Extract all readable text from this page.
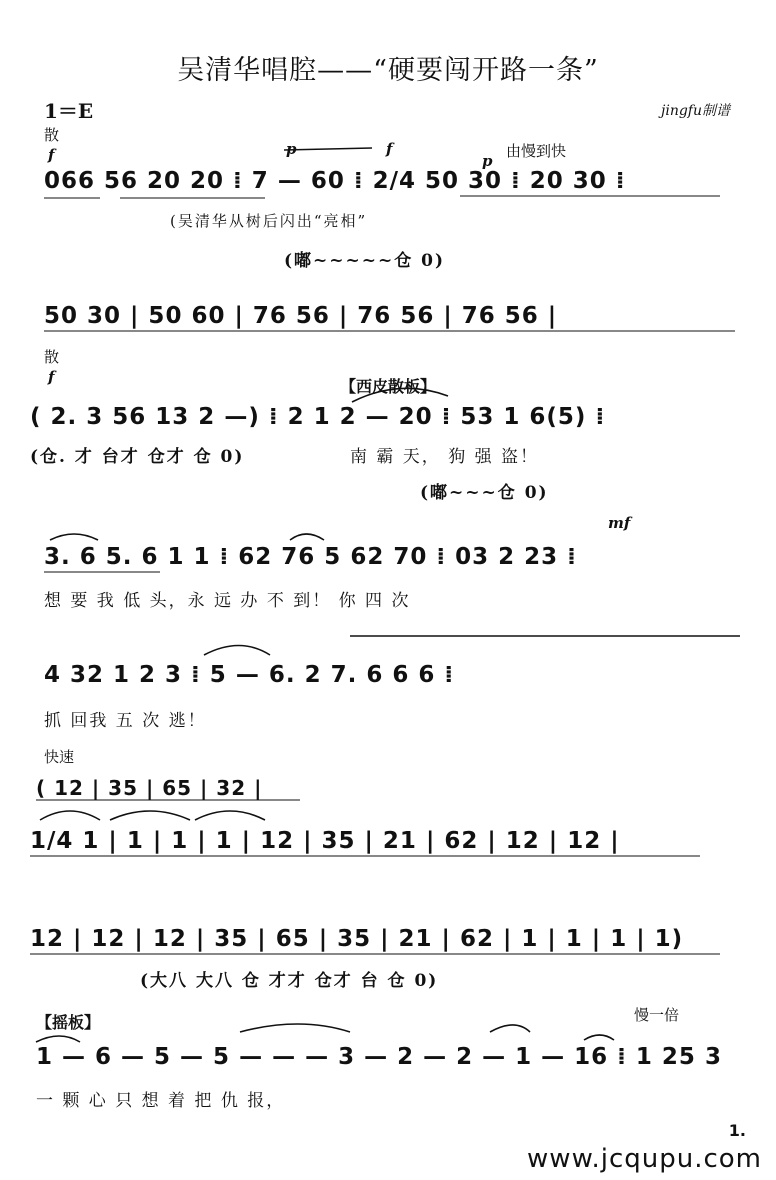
吴清华唱腔——“硬要闯开路一条”
1＝E	jingfu制谱
散
f	p	f
p
由慢到快
066 56 20 20 ⁞ 7 — 60 ⁞ 2/4 50 30 ⁞ 20 30 ⁞
(吴清华从树后闪出“亮相”
(嘟~~~~~仓 0)
50 30 | 50 60 | 76 56 | 76 56 | 76 56 |
散
f	【西皮散板】
( 2. 3 56 13 2 —) ⁞ 2 1 2 — 20 ⁞ 53 1 6(5) ⁞
(仓. 才 台才 仓才 仓 0)	南 霸 天， 狗 强 盗！
(嘟~~~仓 0)
mf
3. 6 5. 6 1 1 ⁞ 62 76 5 62 70 ⁞ 03 2 23 ⁞
想 要 我 低 头，永 远 办 不 到！ 你 四 次
4 32 1 2 3 ⁞ 5 — 6. 2 7. 6 6 6 ⁞
抓 回我 五 次 逃！
快速
( 12 | 35 | 65 | 32 |
1/4 1 | 1 | 1 | 1 | 12 | 35 | 21 | 62 | 12 | 12 |
12 | 12 | 12 | 35 | 65 | 35 | 21 | 62 | 1 | 1 | 1 | 1)
(大八 大八 仓 才才 仓才 台 仓 0)
【摇板】	慢一倍
1 — 6 — 5 — 5 — — — 3 — 2 — 2 — 1 — 16 ⁞ 1 25 3
一 颗 心 只 想 着 把 仇 报，
1.
www.jcqupu.com
